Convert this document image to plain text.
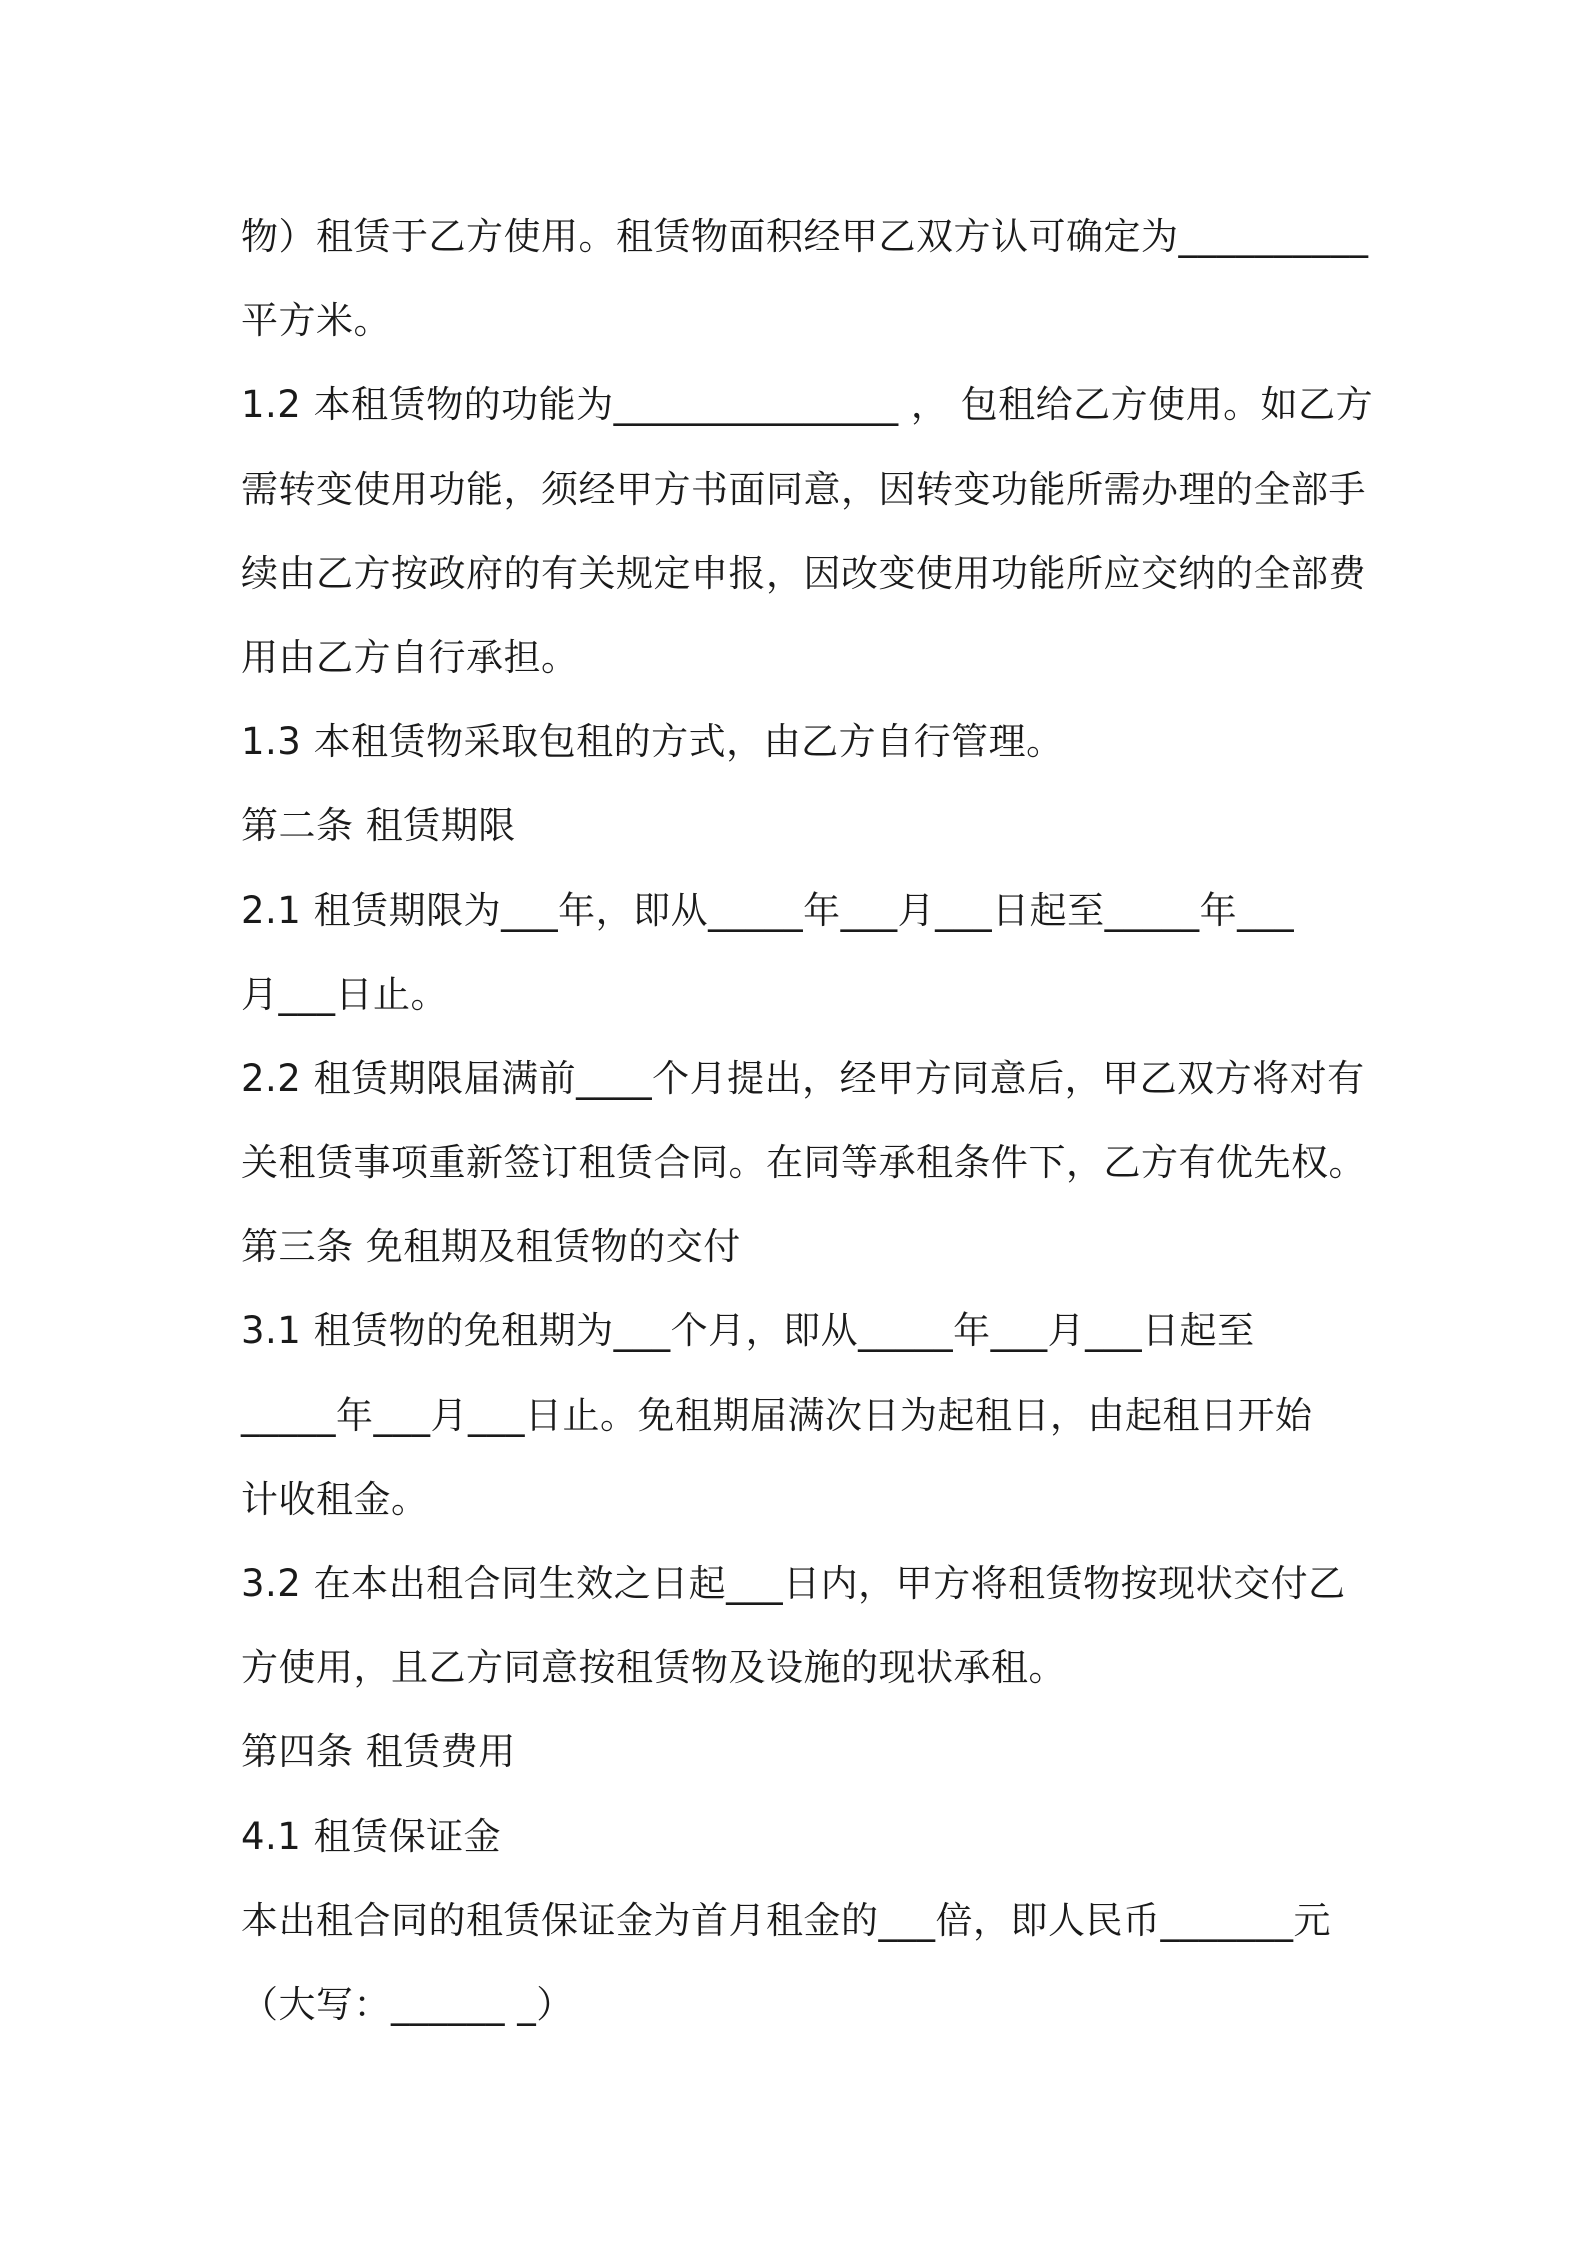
物）租赁于乙方使用。租赁物面积经甲乙双方认可确定为__________
平方米。
1.2 本租赁物的功能为_______________ ， 包租给乙方使用。如乙方
需转变使用功能，须经甲方书面同意，因转变功能所需办理的全部手
续由乙方按政府的有关规定申报，因改变使用功能所应交纳的全部费
用由乙方自行承担。
1.3 本租赁物采取包租的方式，由乙方自行管理。
第二条 租赁期限
2.1 租赁期限为___年，即从_____年___月___日起至_____年___
月___日止。
2.2 租赁期限届满前____个月提出，经甲方同意后，甲乙双方将对有
关租赁事项重新签订租赁合同。在同等承租条件下，乙方有优先权。
第三条 免租期及租赁物的交付
3.1 租赁物的免租期为___个月，即从_____年___月___日起至
_____年___月___日止。免租期届满次日为起租日，由起租日开始
计收租金。
3.2 在本出租合同生效之日起___日内，甲方将租赁物按现状交付乙
方使用，且乙方同意按租赁物及设施的现状承租。
第四条 租赁费用
4.1 租赁保证金
本出租合同的租赁保证金为首月租金的___倍，即人民币_______元
（大写：______ _）
